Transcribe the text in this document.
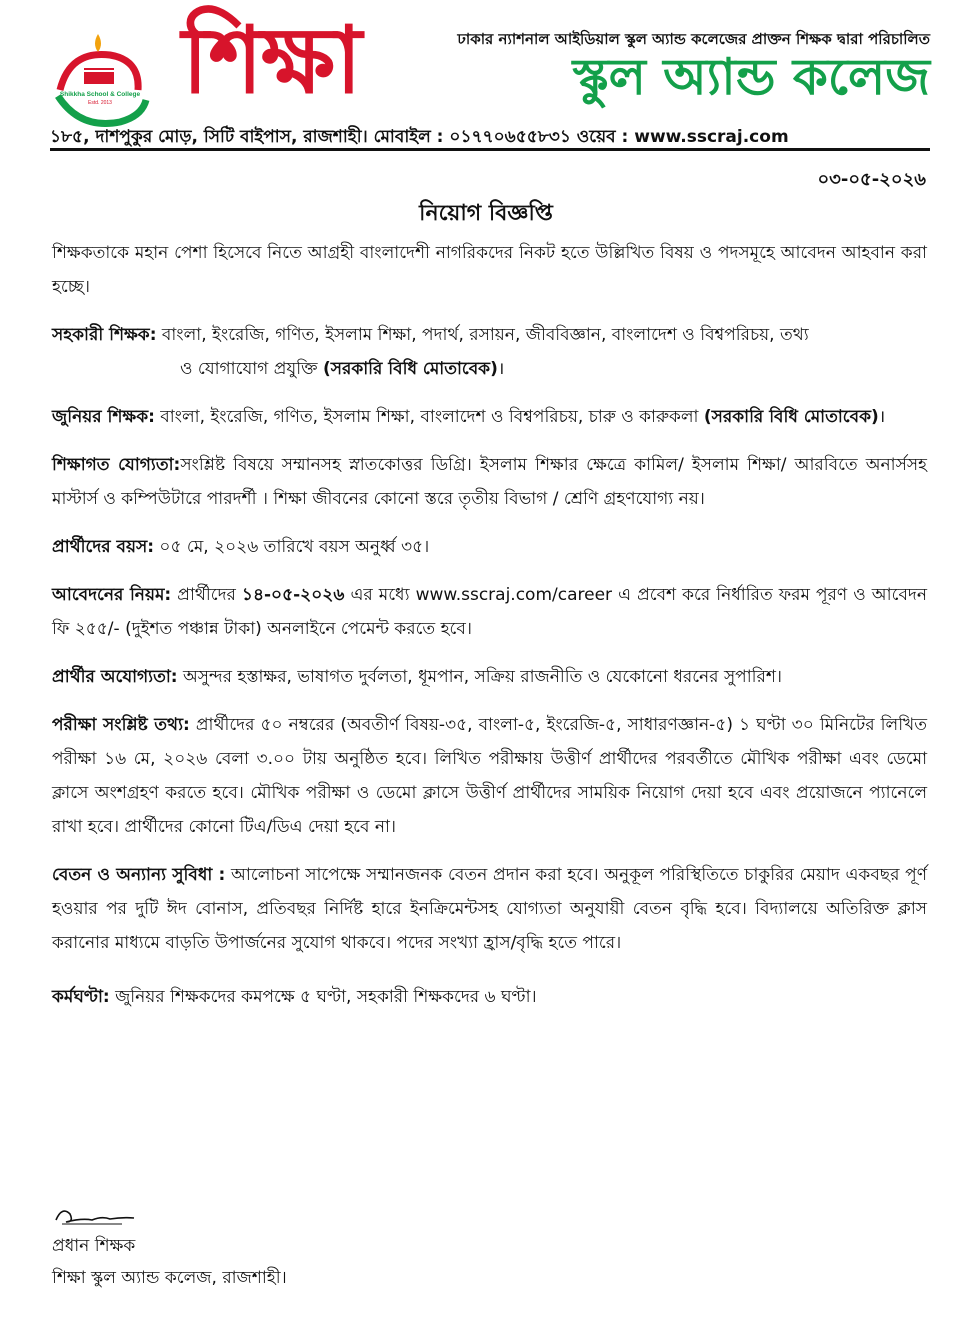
Shikkha School & College
Estd. 2013 শিক্ষা	ঢাকার ন্যাশনাল আইডিয়াল স্কুল অ্যান্ড কলেজের প্রাক্তন শিক্ষক দ্বারা পরিচালিত
স্কুল অ্যান্ড কলেজ
১৮৫, দাশপুকুর মোড়, সিটি বাইপাস, রাজশাহী। মোবাইল : ০১৭৭০৬৫৫৮৩১ ওয়েব : www.sscraj.com
০৩-০৫-২০২৬
নিয়োগ বিজ্ঞপ্তি

শিক্ষকতাকে মহান পেশা হিসেবে নিতে আগ্রহী বাংলাদেশী নাগরিকদের নিকট হতে উল্লিখিত বিষয় ও পদসমূহে আবেদন আহবান করা হচ্ছে।

সহকারী শিক্ষক: বাংলা, ইংরেজি, গণিত, ইসলাম শিক্ষা, পদার্থ, রসায়ন, জীববিজ্ঞান, বাংলাদেশ ও বিশ্বপরিচয়, তথ্য
ও যোগাযোগ প্রযুক্তি (সরকারি বিধি মোতাবেক)।

জুনিয়র শিক্ষক: বাংলা, ইংরেজি, গণিত, ইসলাম শিক্ষা, বাংলাদেশ ও বিশ্বপরিচয়, চারু ও কারুকলা (সরকারি বিধি মোতাবেক)।

শিক্ষাগত যোগ্যতা:সংশ্লিষ্ট বিষয়ে সম্মানসহ স্নাতকোত্তর ডিগ্রি। ইসলাম শিক্ষার ক্ষেত্রে কামিল/ ইসলাম শিক্ষা/ আরবিতে অনার্সসহ মাস্টার্স ও কম্পিউটারে পারদর্শী । শিক্ষা জীবনের কোনো স্তরে তৃতীয় বিভাগ / শ্রেণি গ্রহণযোগ্য নয়।

প্রার্থীদের বয়স: ০৫ মে, ২০২৬ তারিখে বয়স অনুর্ধ্ব ৩৫।

আবেদনের নিয়ম: প্রার্থীদের ১৪-০৫-২০২৬ এর মধ্যে www.sscraj.com/career এ প্রবেশ করে নির্ধারিত ফরম পূরণ ও আবেদন ফি ২৫৫/- (দুইশত পঞ্চান্ন টাকা) অনলাইনে পেমেন্ট করতে হবে।

প্রার্থীর অযোগ্যতা: অসুন্দর হস্তাক্ষর, ভাষাগত দুর্বলতা, ধূমপান, সক্রিয় রাজনীতি ও যেকোনো ধরনের সুপারিশ।

পরীক্ষা সংশ্লিষ্ট তথ্য: প্রার্থীদের ৫০ নম্বরের (অবতীর্ণ বিষয়-৩৫, বাংলা-৫, ইংরেজি-৫, সাধারণজ্ঞান-৫) ১ ঘণ্টা ৩০ মিনিটের লিখিত পরীক্ষা ১৬ মে, ২০২৬ বেলা ৩.০০ টায় অনুষ্ঠিত হবে। লিখিত পরীক্ষায় উত্তীর্ণ প্রার্থীদের পরবর্তীতে মৌখিক পরীক্ষা এবং ডেমো ক্লাসে অংশগ্রহণ করতে হবে। মৌখিক পরীক্ষা ও ডেমো ক্লাসে উত্তীর্ণ প্রার্থীদের সাময়িক নিয়োগ দেয়া হবে এবং প্রয়োজনে প্যানেলে রাখা হবে। প্রার্থীদের কোনো টিএ/ডিএ দেয়া হবে না।

বেতন ও অন্যান্য সুবিধা : আলোচনা সাপেক্ষে সম্মানজনক বেতন প্রদান করা হবে। অনুকূল পরিস্থিতিতে চাকুরির মেয়াদ একবছর পূর্ণ হওয়ার পর দুটি ঈদ বোনাস, প্রতিবছর নির্দিষ্ট হারে ইনক্রিমেন্টসহ যোগ্যতা অনুযায়ী বেতন বৃদ্ধি হবে। বিদ্যালয়ে অতিরিক্ত ক্লাস করানোর মাধ্যমে বাড়তি উপার্জনের সুযোগ থাকবে। পদের সংখ্যা হ্রাস/বৃদ্ধি হতে পারে।

কর্মঘণ্টা: জুনিয়র শিক্ষকদের কমপক্ষে ৫ ঘণ্টা, সহকারী শিক্ষকদের ৬ ঘণ্টা।

প্রধান শিক্ষক
শিক্ষা স্কুল অ্যান্ড কলেজ, রাজশাহী।
